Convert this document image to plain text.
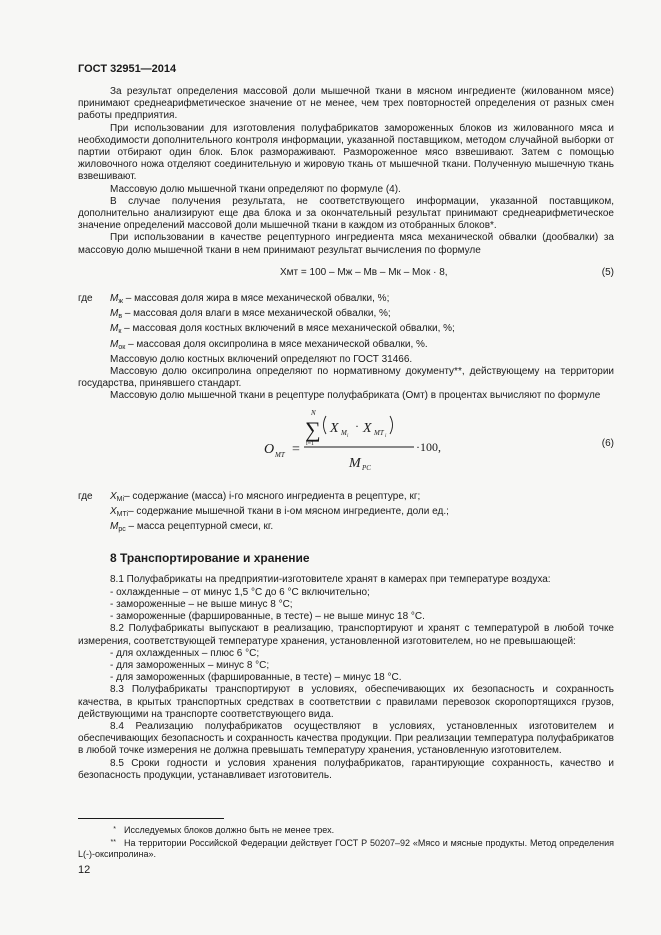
ГОСТ 32951—2014

За результат определения массовой доли мышечной ткани в мясном ингредиенте (жилованном мясе) принимают среднеарифметическое значение от не менее, чем трех повторностей определения от разных смен работы предприятия.

При использовании для изготовления полуфабрикатов замороженных блоков из жилованного мяса и необходимости дополнительного контроля информации, указанной поставщиком, методом случайной выборки от партии отбирают один блок. Блок размораживают. Размороженное мясо взвешивают. Затем с помощью жиловочного ножа отделяют соединительную и жировую ткань от мышечной ткани. Полученную мышечную ткань взвешивают.

Массовую долю мышечной ткани определяют по формуле (4).

В случае получения результата, не соответствующего информации, указанной поставщиком, дополнительно анализируют еще два блока и за окончательный результат принимают среднеарифметическое значение определений массовой доли мышечной ткани в каждом из отобранных блоков*.

При использовании в качестве рецептурного ингредиента мяса механической обвалки (дообвалки) за массовую долю мышечной ткани в нем принимают результат вычисления по формуле

Xмт = 100 – Mж – Mв – Mк – Mок · 8,	(5)
где	$M_ж$ – массовая доля жира в мясе механической обвалки, %;
$M_в$ – массовая доля влаги в мясе механической обвалки, %;
$M_к$ – массовая доля костных включений в мясе механической обвалки, %;
$M_{ок}$ – массовая доля оксипролина в мясе механической обвалки, %.

Массовую долю костных включений определяют по ГОСТ 31466.

Массовую долю оксипролина определяют по нормативному документу**, действующему на территории государства, принявшего стандарт.

Массовую долю мышечной ткани в рецептуре полуфабриката (Oмт) в процентах вычисляют по формуле

O МТ =
N
∑
i=1
X M i
· X MT i
M PC
·100,	(6)
где	$X_{Mi}-$ содержание (масса) i-го мясного ингредиента в рецептуре, кг;
$X_{MTi}-$ содержание мышечной ткани в i-ом мясном ингредиенте, доли ед.;
$M_{pc}$ – масса рецептурной смеси, кг.
8 Транспортирование и хранение

8.1 Полуфабрикаты на предприятии-изготовителе хранят в камерах при температуре воздуха:

- охлажденные – от минус 1,5 °С до 6 °С включительно;

- замороженные – не выше минус 8 °С;

- замороженные (фаршированные, в тесте) – не выше минус 18 °С.

8.2 Полуфабрикаты выпускают в реализацию, транспортируют и хранят с температурой в любой точке измерения, соответствующей температуре хранения, установленной изготовителем, но не превышающей:

- для охлажденных – плюс 6 °С;

- для замороженных – минус 8 °С;

- для замороженных (фаршированные, в тесте) – минус 18 °С.

8.3 Полуфабрикаты транспортируют в условиях, обеспечивающих их безопасность и сохранность качества, в крытых транспортных средствах в соответствии с правилами перевозок скоропортящихся грузов, действующими на транспорте соответствующего вида.

8.4 Реализацию полуфабрикатов осуществляют в условиях, установленных изготовителем и обеспечивающих безопасность и сохранность качества продукции. При реализации температура полуфабрикатов в любой точке измерения не должна превышать температуру хранения, установленную изготовителем.

8.5 Сроки годности и условия хранения полуфабрикатов, гарантирующие сохранность, качество и безопасность продукции, устанавливает изготовитель.

* Исследуемых блоков должно быть не менее трех.

** На территории Российской Федерации действует ГОСТ Р 50207–92 «Мясо и мясные продукты. Метод определения L(-)-оксипролина».

12
